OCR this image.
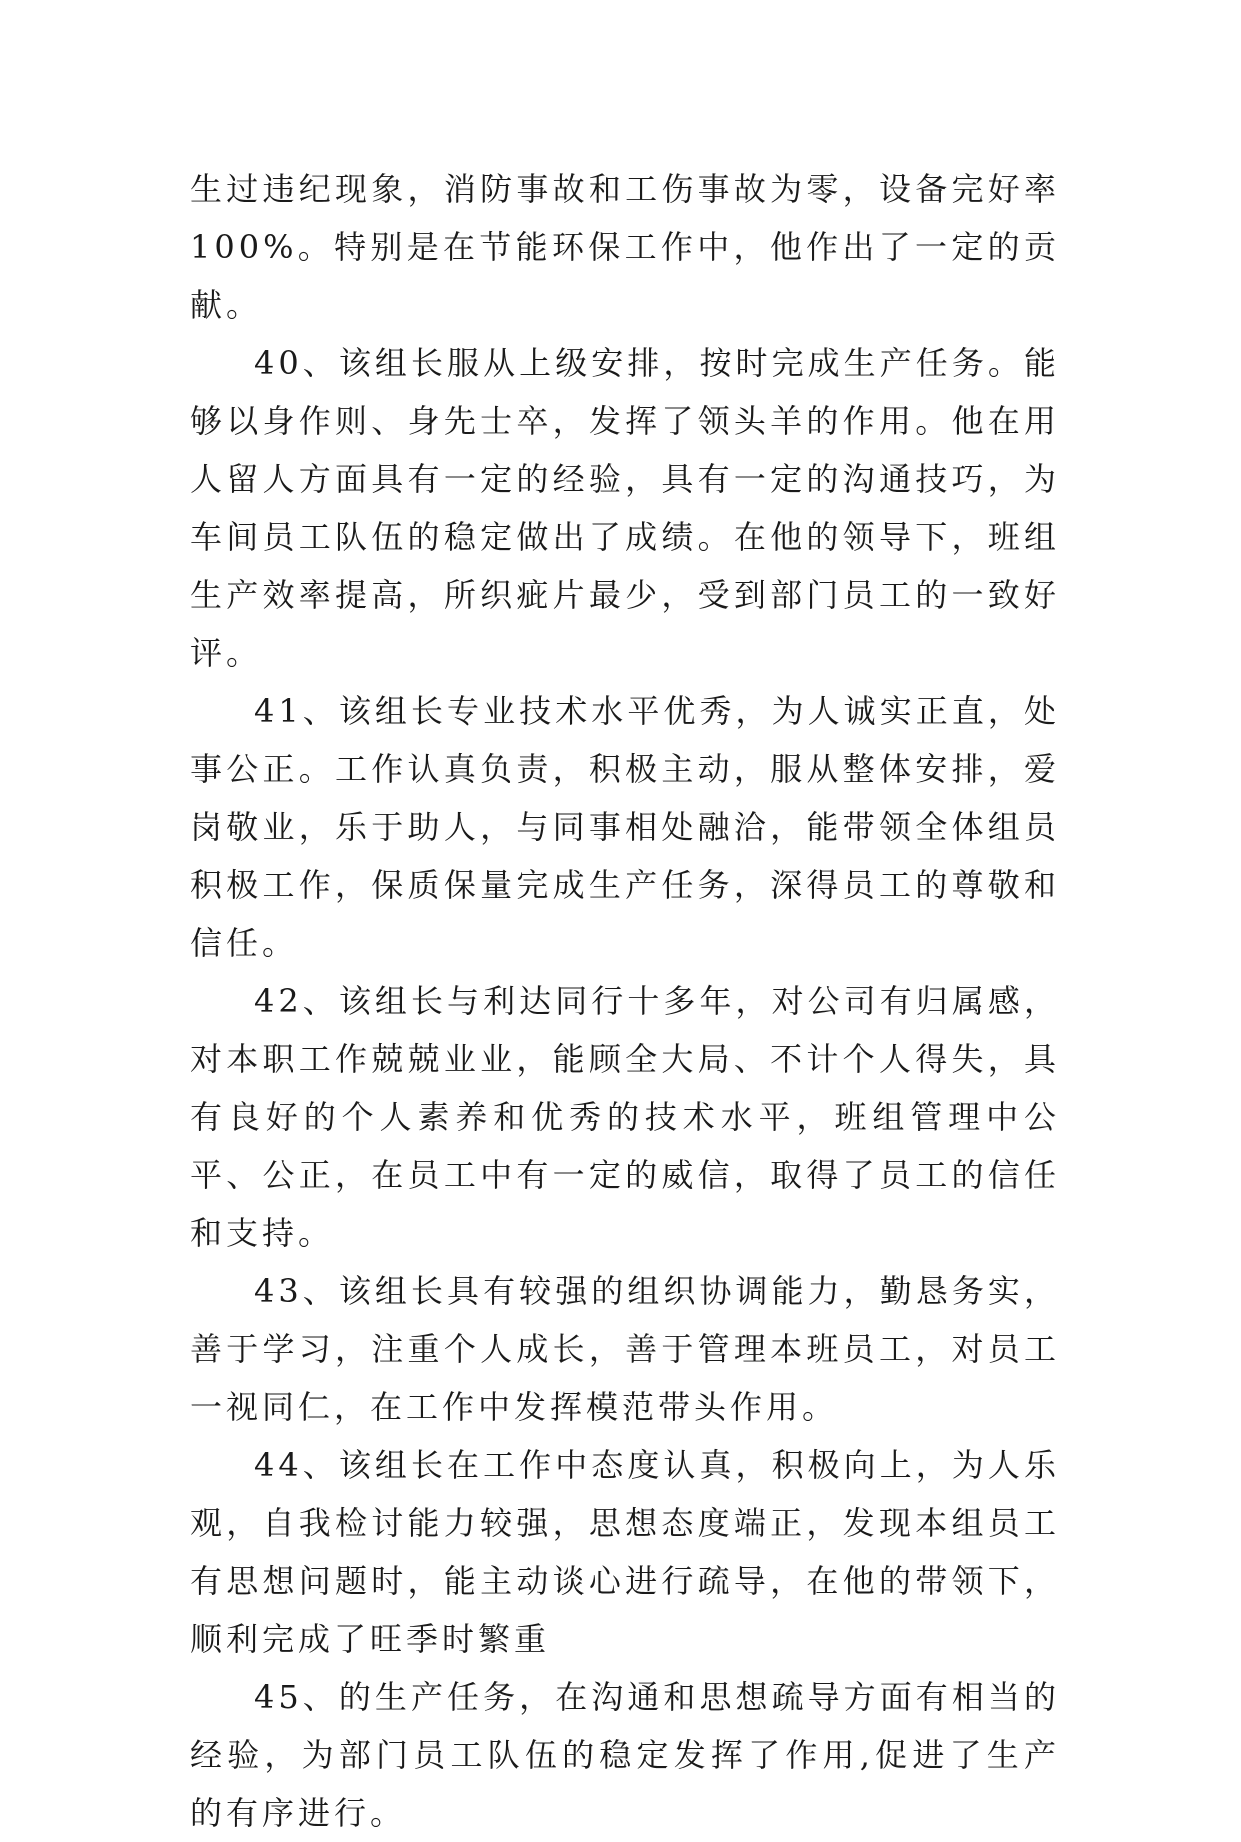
生过违纪现象，消防事故和工伤事故为零，设备完好率100%。特别是在节能环保工作中，他作出了一定的贡献。

40、该组长服从上级安排，按时完成生产任务。能够以身作则、身先士卒，发挥了领头羊的作用。他在用人留人方面具有一定的经验，具有一定的沟通技巧，为车间员工队伍的稳定做出了成绩。在他的领导下，班组生产效率提高，所织疵片最少，受到部门员工的一致好评。

41、该组长专业技术水平优秀，为人诚实正直，处事公正。工作认真负责，积极主动，服从整体安排，爱岗敬业，乐于助人，与同事相处融洽，能带领全体组员积极工作，保质保量完成生产任务，深得员工的尊敬和信任。

42、该组长与利达同行十多年，对公司有归属感，对本职工作兢兢业业，能顾全大局、不计个人得失，具有良好的个人素养和优秀的技术水平，班组管理中公平、公正，在员工中有一定的威信，取得了员工的信任和支持。

43、该组长具有较强的组织协调能力，勤恳务实，善于学习，注重个人成长，善于管理本班员工，对员工一视同仁，在工作中发挥模范带头作用。

44、该组长在工作中态度认真，积极向上，为人乐观，自我检讨能力较强，思想态度端正，发现本组员工有思想问题时，能主动谈心进行疏导，在他的带领下，顺利完成了旺季时繁重

45、的生产任务，在沟通和思想疏导方面有相当的经验，为部门员工队伍的稳定发挥了作用,促进了生产的有序进行。
